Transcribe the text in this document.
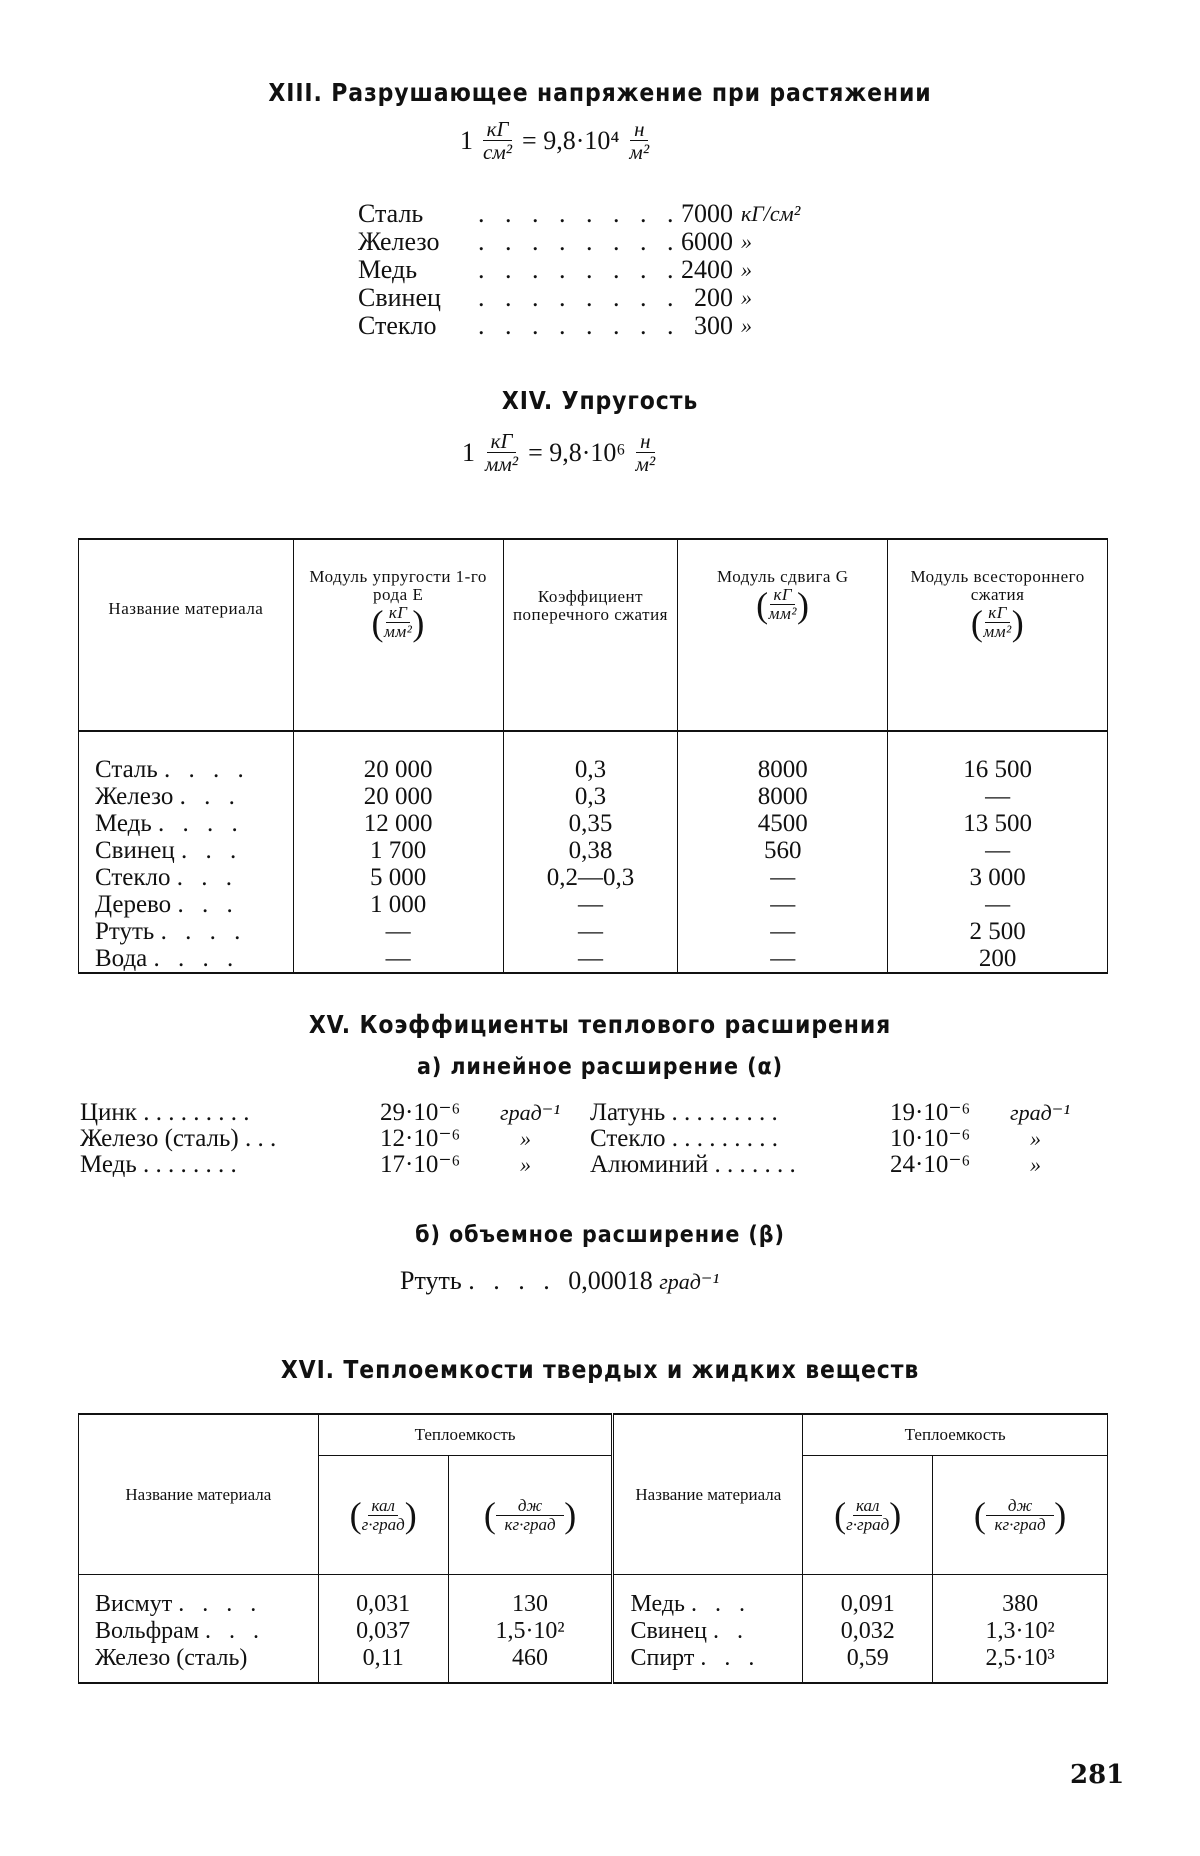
XIII. Разрушающее напряжение при растяжении
$1 \frac{кГ}{\text{см²}} = 9,8\cdot 10^4 \frac{н}{\text{м²}}$
Сталь	. . . . . . . . 7000 кГ/см²
Железо	. . . . . . . . 6000 »
Медь	. . . . . . . . 2400 »
Свинец	. . . . . . . . 200 »
Стекло	. . . . . . . . 300 »
XIV. Упругость
$1 \frac{кГ}{\text{мм²}} = 9,8\cdot 10^6 \frac{н}{\text{м²}}$
Название материала	Модуль упругости 1-го рода E
( кГ
мм² )	Коэффициент поперечного сжатия	Модуль сдвига G
( кГ
мм² )	Модуль всестороннего сжатия
( кГ
мм² )

Сталь . . . .	20 000	0,3	8000	16 500
Железо . . .	20 000	0,3	8000	—
Медь . . . .	12 000	0,35	4500	13 500
Свинец . . .	1 700	0,38	560	—
Стекло . . .	5 000	0,2—0,3	—	3 000
Дерево . . .	1 000	—	—	—
Ртуть . . . .	—	—	—	2 500
Вода . . . .	—	—	—	200
XV. Коэффициенты теплового расширения
а) линейное расширение (α)
Цинк . . . . . . . . .	29·10⁻⁶	град⁻¹
Железо (сталь) . . .	12·10⁻⁶	»
Медь . . . . . . . .	17·10⁻⁶	»
Латунь . . . . . . . . .	19·10⁻⁶	град⁻¹
Стекло . . . . . . . . .	10·10⁻⁶	»
Алюминий . . . . . . .	24·10⁻⁶	»
б) объемное расширение (β)
Ртуть . . . . 0,00018 град⁻¹
XVI. Теплоемкости твердых и жидких веществ
Название материала	Теплоемкость		Название материала	Теплоемкость	

	( кал
г·град )	( дж
кг·град )		( кал
г·град )	( дж
кг·град )

Висмут . . . .	0,031	130	Медь . . .	0,091	380
Вольфрам . . .	0,037	1,5·10²	Свинец . .	0,032	1,3·10²
Железо (сталь)	0,11	460	Спирт . . .	0,59	2,5·10³
281
